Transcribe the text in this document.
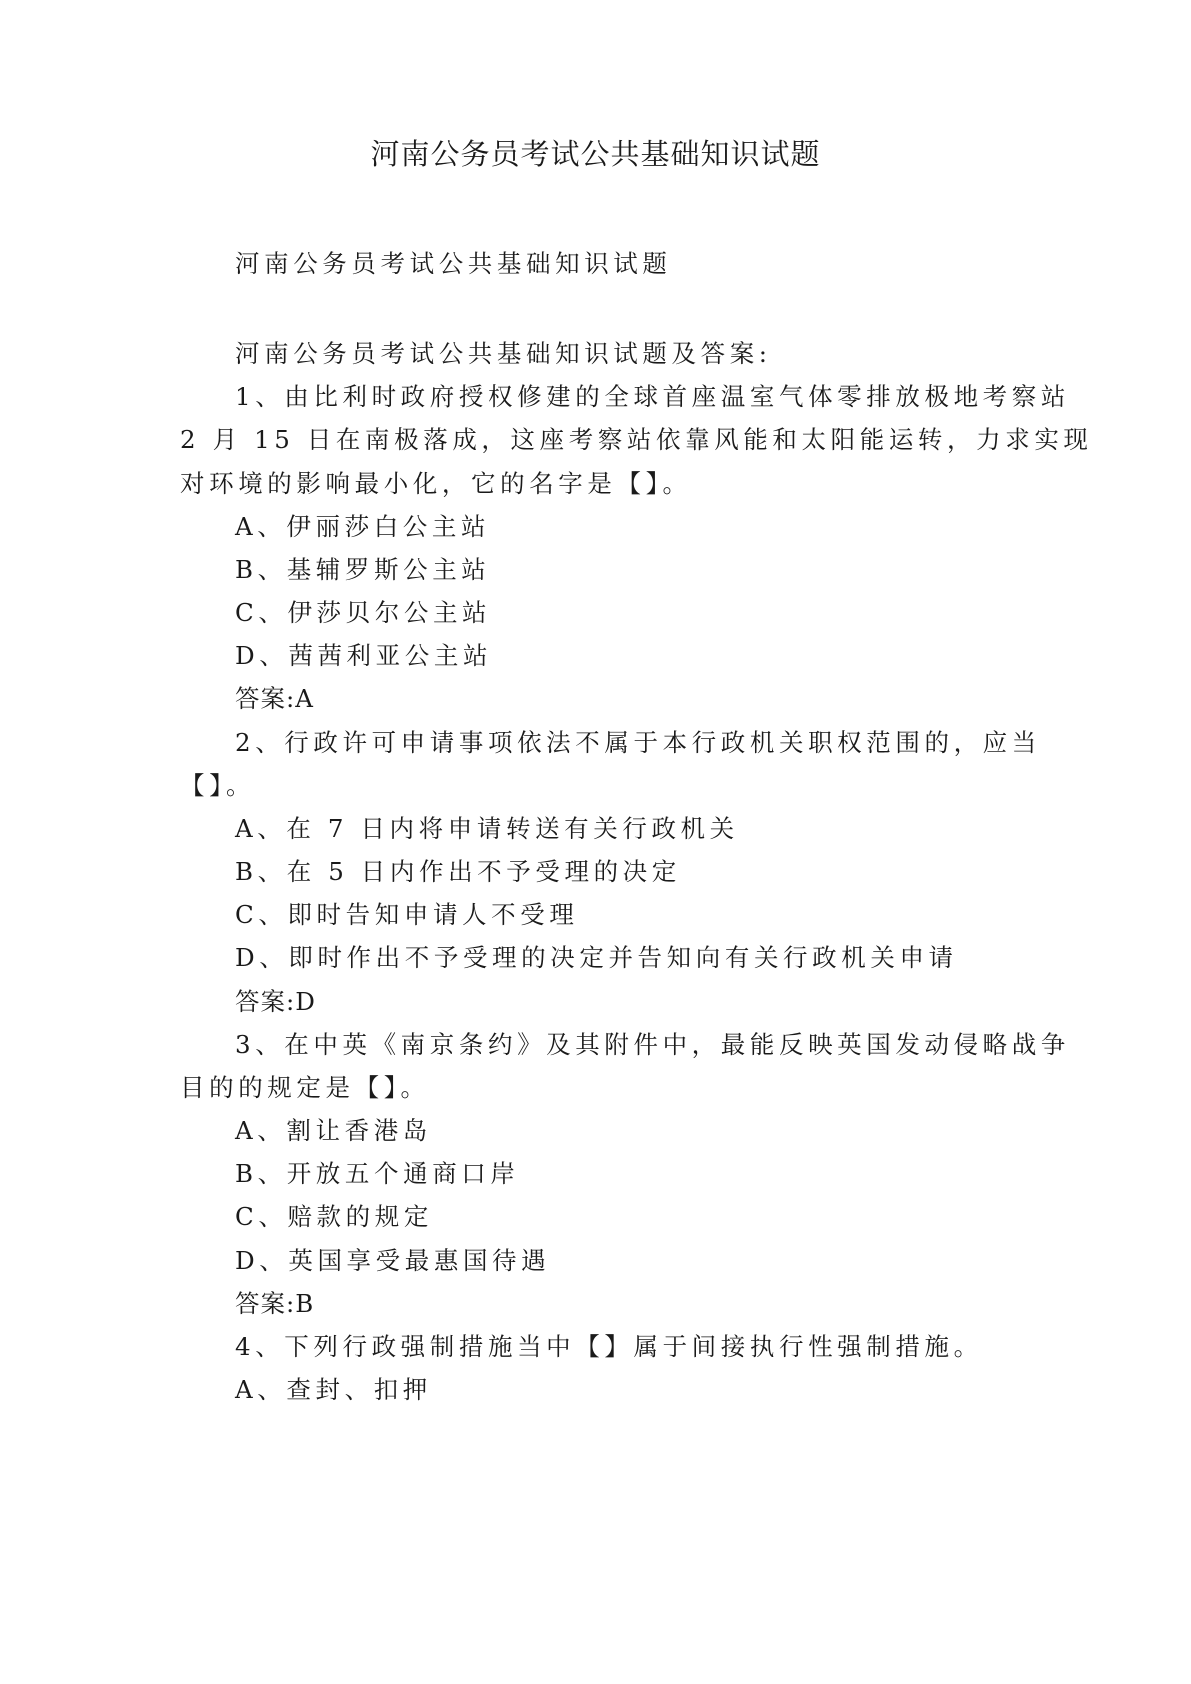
河南公务员考试公共基础知识试题
河南公务员考试公共基础知识试题
河南公务员考试公共基础知识试题及答案:
1、由比利时政府授权修建的全球首座温室气体零排放极地考察站
2 月 15 日在南极落成，这座考察站依靠风能和太阳能运转，力求实现
对环境的影响最小化，它的名字是【】。
A、伊丽莎白公主站
B、基辅罗斯公主站
C、伊莎贝尔公主站
D、茜茜利亚公主站
答案:A
2、行政许可申请事项依法不属于本行政机关职权范围的，应当
【】。
A、在 7 日内将申请转送有关行政机关
B、在 5 日内作出不予受理的决定
C、即时告知申请人不受理
D、即时作出不予受理的决定并告知向有关行政机关申请
答案:D
3、在中英《南京条约》及其附件中，最能反映英国发动侵略战争
目的的规定是【】。
A、割让香港岛
B、开放五个通商口岸
C、赔款的规定
D、英国享受最惠国待遇
答案:B
4、下列行政强制措施当中【】属于间接执行性强制措施。
A、查封、扣押
